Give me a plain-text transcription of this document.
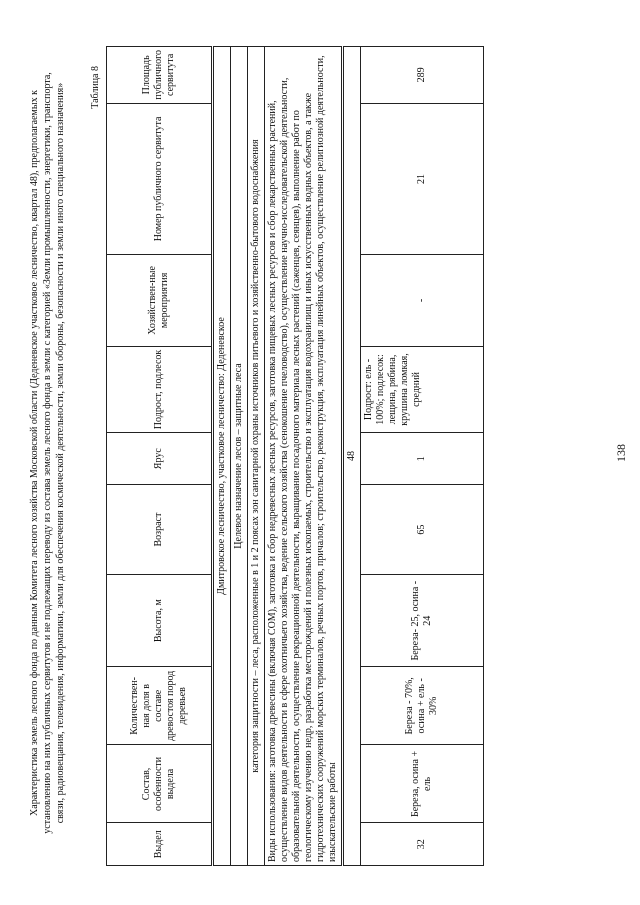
Характеристика земель лесного фонда по данным Комитета лесного хозяйства Московской области (Деденевское участковое лесничество, квартал 48), предполагаемых к установлению на них публичных сервитутов и не подлежащих переводу из состава земель лесного фонда в земли с категорией «Земли промышленности, энергетики, транспорта, связи, радиовещания, телевидения, информатики, земли для обеспечения космической деятельности, земли обороны, безопасности и земли иного специального назначения» Таблица 8
Выдел	Состав, особенности выдела	Количествен-ная доля в составе древостоя пород деревьев	Высота, м	Возраст	Ярус	Подрост, подлесок	Хозяйствен-ные мероприятия	Номер публичного сервитута	Площадь публичного сервитута
Дмитровское лесничество, участковое лесничество: Деденевское									
Целевое назначение лесов – защитные леса									
категория защитности – леса, расположенные в 1 и 2 поясах зон санитарной охраны источников питьевого и хозяйственно-бытового водоснабжения									
Виды использования: заготовка древесины (включая СОМ), заготовка и сбор недревесных лесных ресурсов, заготовка пищевых лесных ресурсов и сбор лекарственных растений, осуществление видов деятельности в сфере охотничьего хозяйства, ведение сельского хозяйства (сенокошение пчеловодство), осуществление научно-исследовательской деятельности, образовательной деятельности, осуществление рекреационной деятельности, выращивание посадочного материала лесных растений (саженцев, сеянцев), выполнение работ по геологическому изучению недр, разработка месторождений и полезных ископаемых, строительство и эксплуатация водохранилищ и иных искусственных водных объектов, а также гидротехнических сооружений морских терминалов, речных портов, причалов; строительство, реконструкция, эксплуатация линейных объектов, осуществление религиозной деятельности, изыскательские работы									
48									
32	Береза, осина + ель	Береза - 70%, осина + ель - 30%	Береза- 25, осина - 24	65	1	Подрост: ель - 100%; подлесок: лещина, рябина, крушина ломкая, средний	-	21	289
138
